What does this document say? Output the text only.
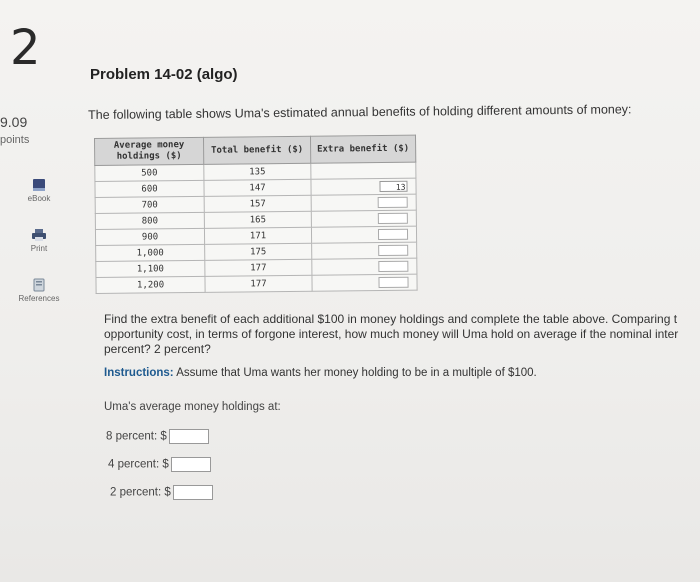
2
9.09
points
eBook
Print
References
Problem 14-02 (algo)
The following table shows Uma's estimated annual benefits of holding different amounts of money:
Average money holdings ($)	Total benefit ($)	Extra benefit ($)
500	135	
600	147	13

700	157	

800	165	

900	171	

1,000	175	

1,100	177	

1,200	177	
Find the extra benefit of each additional $100 in money holdings and complete the table above. Comparing t
opportunity cost, in terms of forgone interest, how much money will Uma hold on average if the nominal inter
percent? 2 percent?
Instructions: Assume that Uma wants her money holding to be in a multiple of $100.
Uma's average money holdings at:
8 percent: $
4 percent: $
2 percent: $
